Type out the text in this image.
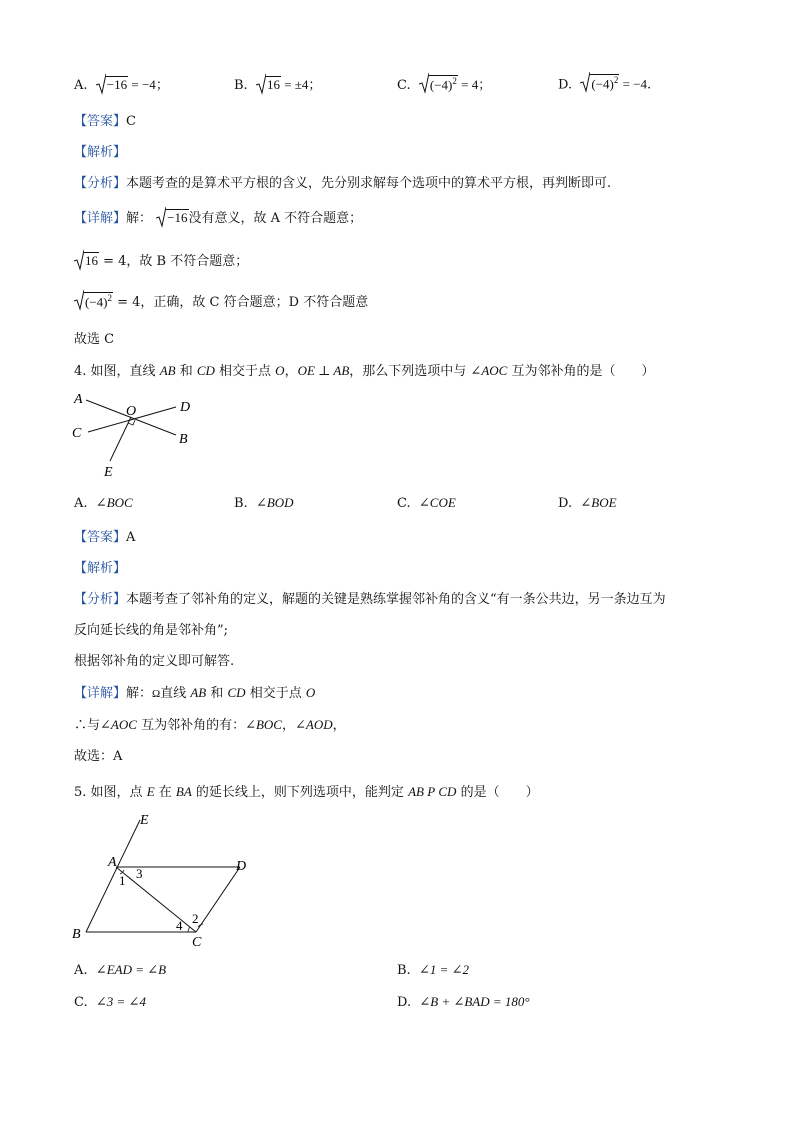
A. −16 = −4；	B. 16 = ±4；	C. $(-4)^2 = 4$；	D. $(-4)^2 = -4$.
【答案】C
【解析】
【分析】本题考查的是算术平方根的含义，先分别求解每个选项中的算术平方根，再判断即可.
【详解】解： −16没有意义，故 A 不符合题意；
16 = 4，故 B 不符合题意；
$(-4)^2 = 4$，正确，故 C 符合题意；D 不符合题意
故选 C
4. 如图，直线 AB 和 CD 相交于点 O，OE ⊥ AB，那么下列选项中与 ∠AOC 互为邻补角的是（　　）
A
O	D
C	B
E
A. ∠BOC	B. ∠BOD	C. ∠COE	D. ∠BOE
【答案】A
【解析】
【分析】本题考查了邻补角的定义，解题的关键是熟练掌握邻补角的含义“有一条公共边，另一条边互为
反向延长线的角是邻补角”;
根据邻补角的定义即可解答.
【详解】解：Ω直线 AB 和 CD 相交于点 O
∴与∠AOC 互为邻补角的有：∠BOC，∠AOD，
故选：A
5. 如图，点 E 在 BA 的延长线上，则下列选项中，能判定 AB Ρ CD 的是（　　）
E
A	D
B
C
1
2
3
4
A. ∠EAD = ∠B	B. ∠1 = ∠2
C. ∠3 = ∠4	D. ∠B + ∠BAD = 180°
